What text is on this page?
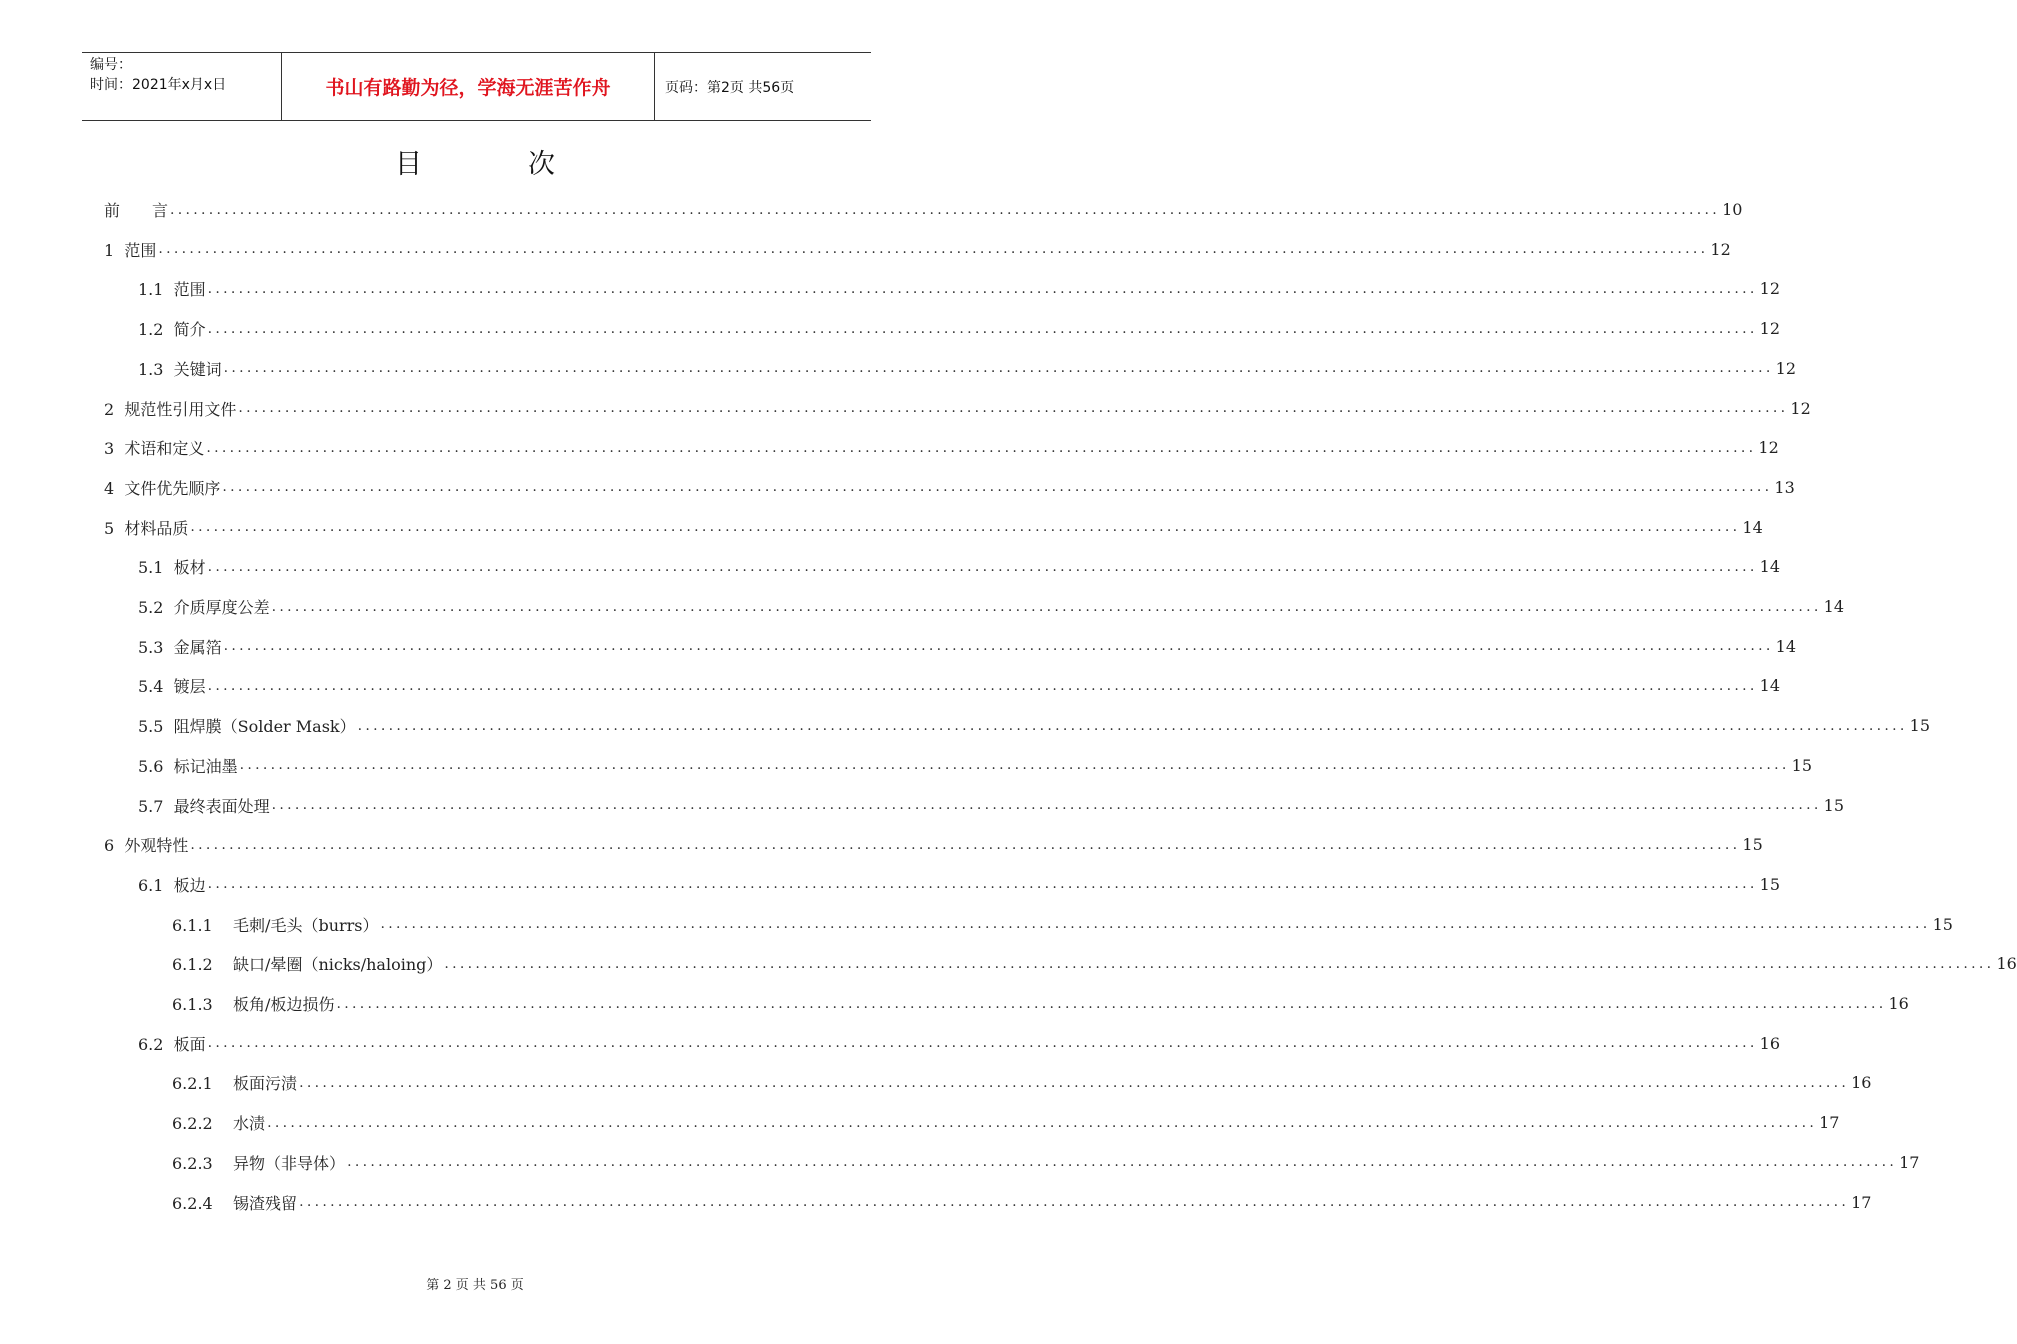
编号：
时间：2021年x月x日	书山有路勤为径，学海无涯苦作舟	页码：第2页 共56页
目	次
前　　言 ........................................................................................................................................................................................................ 10
1  范围 ........................................................................................................................................................................................................ 12
1.1  范围 ........................................................................................................................................................................................................ 12
1.2  简介 ........................................................................................................................................................................................................ 12
1.3  关键词 ........................................................................................................................................................................................................ 12
2  规范性引用文件 ........................................................................................................................................................................................................ 12
3  术语和定义 ........................................................................................................................................................................................................ 12
4  文件优先顺序 ........................................................................................................................................................................................................ 13
5  材料品质 ........................................................................................................................................................................................................ 14
5.1  板材 ........................................................................................................................................................................................................ 14
5.2  介质厚度公差 ........................................................................................................................................................................................................ 14
5.3  金属箔 ........................................................................................................................................................................................................ 14
5.4  镀层 ........................................................................................................................................................................................................ 14
5.5  阻焊膜（Solder Mask） ........................................................................................................................................................................................................ 15
5.6  标记油墨 ........................................................................................................................................................................................................ 15
5.7  最终表面处理 ........................................................................................................................................................................................................ 15
6  外观特性 ........................................................................................................................................................................................................ 15
6.1  板边 ........................................................................................................................................................................................................ 15
6.1.1    毛刺/毛头（burrs） ........................................................................................................................................................................................................ 15
6.1.2    缺口/晕圈（nicks/haloing） ........................................................................................................................................................................................................ 16
6.1.3    板角/板边损伤 ........................................................................................................................................................................................................ 16
6.2  板面 ........................................................................................................................................................................................................ 16
6.2.1    板面污渍 ........................................................................................................................................................................................................ 16
6.2.2    水渍 ........................................................................................................................................................................................................ 17
6.2.3    异物（非导体） ........................................................................................................................................................................................................ 17
6.2.4    锡渣残留 ........................................................................................................................................................................................................ 17
第 2 页 共 56 页
